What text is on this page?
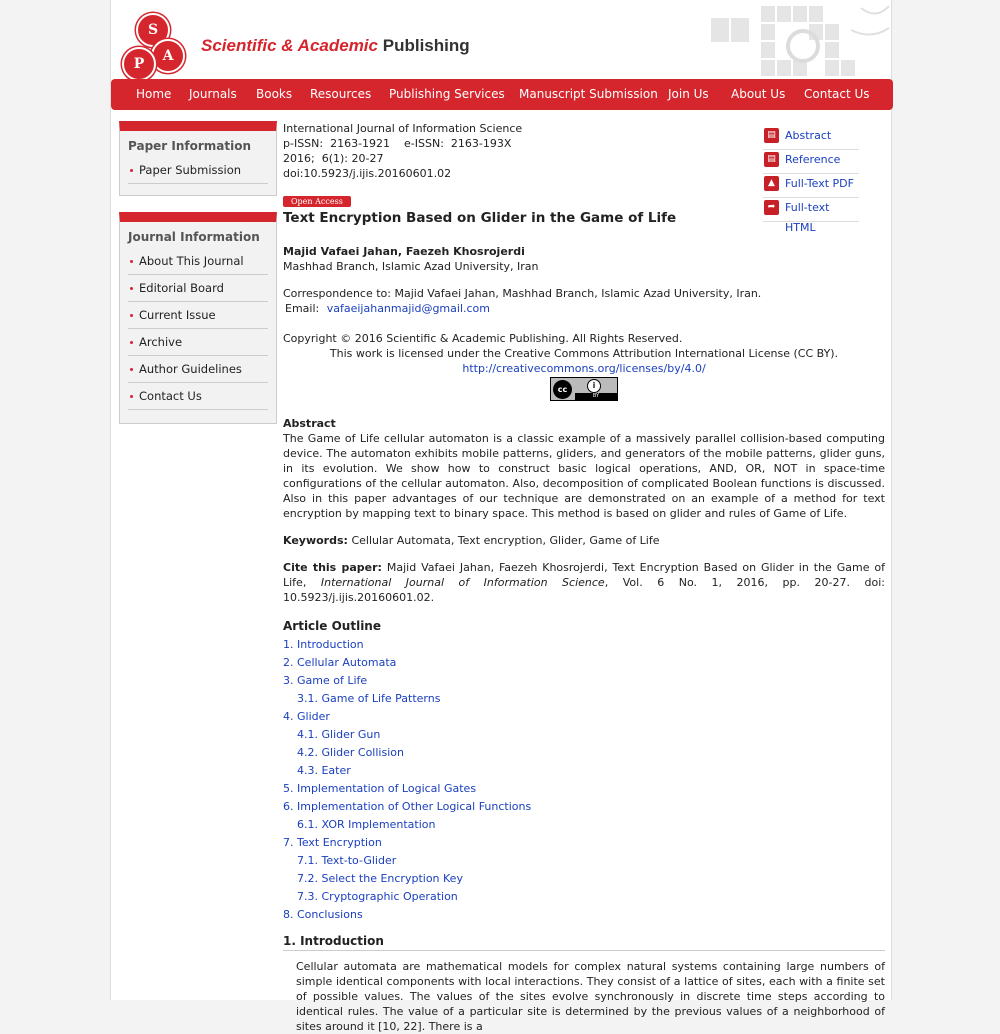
S
A
P
Scientific & Academic Publishing
Home Journals Books Resources Publishing Services Manuscript Submission Join Us About Us Contact Us
Paper Information
Paper Submission
Journal Information
About This Journal
Editorial Board
Current Issue
Archive
Author Guidelines
Contact Us
▤ Abstract
▤ Reference
▲ Full-Text PDF
➦ Full-text HTML
International Journal of Information Science
p-ISSN:  2163-1921    e-ISSN:  2163-193X
2016;  6(1): 20-27
doi:10.5923/j.ijis.20160601.02
Open Access
Text Encryption Based on Glider in the Game of Life
Majid Vafaei Jahan, Faezeh Khosrojerdi
Mashhad Branch, Islamic Azad University, Iran
Correspondence to: Majid Vafaei Jahan, Mashhad Branch, Islamic Azad University, Iran.
Email: vafaeijahanmajid@gmail.com
Copyright © 2016 Scientific & Academic Publishing. All Rights Reserved.
This work is licensed under the Creative Commons Attribution International License (CC BY).
http://creativecommons.org/licenses/by/4.0/
cc	i
BY
Abstract
The Game of Life cellular automaton is a classic example of a massively parallel collision-based computing device. The automaton exhibits mobile patterns, gliders, and generators of the mobile patterns, glider guns, in its evolution. We show how to construct basic logical operations, AND, OR, NOT in space-time configurations of the cellular automaton. Also, decomposition of complicated Boolean functions is discussed. Also in this paper advantages of our technique are demonstrated on an example of a method for text encryption by mapping text to binary space. This method is based on glider and rules of Game of Life.
Keywords: Cellular Automata, Text encryption, Glider, Game of Life
Cite this paper: Majid Vafaei Jahan, Faezeh Khosrojerdi, Text Encryption Based on Glider in the Game of Life, International Journal of Information Science, Vol. 6 No. 1, 2016, pp. 20-27. doi: 10.5923/j.ijis.20160601.02.
Article Outline
1. Introduction
2. Cellular Automata
3. Game of Life
3.1. Game of Life Patterns
4. Glider
4.1. Glider Gun
4.2. Glider Collision
4.3. Eater
5. Implementation of Logical Gates
6. Implementation of Other Logical Functions
6.1. XOR Implementation
7. Text Encryption
7.1. Text-to-Glider
7.2. Select the Encryption Key
7.3. Cryptographic Operation
8. Conclusions
1. Introduction
Cellular automata are mathematical models for complex natural systems containing large numbers of simple identical components with local interactions. They consist of a lattice of sites, each with a finite set of possible values. The values of the sites evolve synchronously in discrete time steps according to identical rules. The value of a particular site is determined by the previous values of a neighborhood of sites around it [10, 22]. There is a
